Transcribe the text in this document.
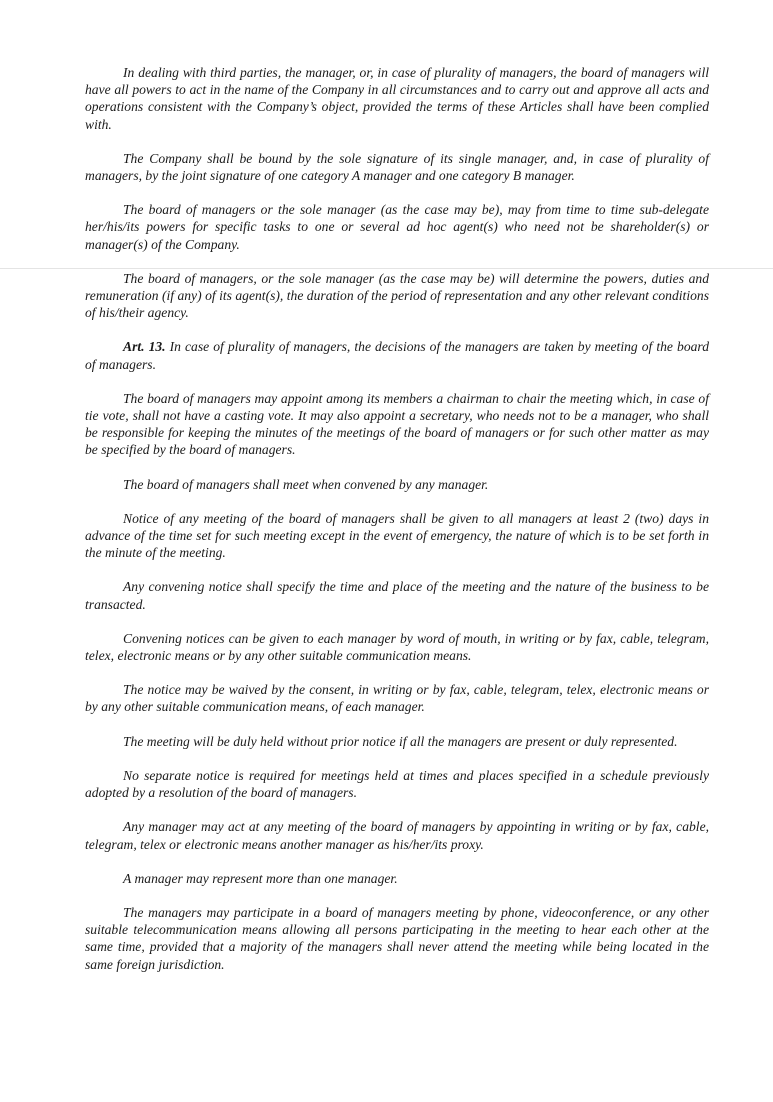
In dealing with third parties, the manager, or, in case of plurality of managers, the board of managers will have all powers to act in the name of the Company in all circumstances and to carry out and approve all acts and operations consistent with the Company’s object, provided the terms of these Articles shall have been complied with.

The Company shall be bound by the sole signature of its single manager, and, in case of plurality of managers, by the joint signature of one category A manager and one category B manager.

The board of managers or the sole manager (as the case may be), may from time to time sub-delegate her/his/its powers for specific tasks to one or several ad hoc agent(s) who need not be shareholder(s) or manager(s) of the Company.

The board of managers, or the sole manager (as the case may be) will determine the powers, duties and remuneration (if any) of its agent(s), the duration of the period of representation and any other relevant conditions of his/their agency.

Art. 13. In case of plurality of managers, the decisions of the managers are taken by meeting of the board of managers.

The board of managers may appoint among its members a chairman to chair the meeting which, in case of tie vote, shall not have a casting vote. It may also appoint a secretary, who needs not to be a manager, who shall be responsible for keeping the minutes of the meetings of the board of managers or for such other matter as may be specified by the board of managers.

The board of managers shall meet when convened by any manager.

Notice of any meeting of the board of managers shall be given to all managers at least 2 (two) days in advance of the time set for such meeting except in the event of emergency, the nature of which is to be set forth in the minute of the meeting.

Any convening notice shall specify the time and place of the meeting and the nature of the business to be transacted.

Convening notices can be given to each manager by word of mouth, in writing or by fax, cable, telegram, telex, electronic means or by any other suitable communication means.

The notice may be waived by the consent, in writing or by fax, cable, telegram, telex, electronic means or by any other suitable communication means, of each manager.

The meeting will be duly held without prior notice if all the managers are present or duly represented.

No separate notice is required for meetings held at times and places specified in a schedule previously adopted by a resolution of the board of managers.

Any manager may act at any meeting of the board of managers by appointing in writing or by fax, cable, telegram, telex or electronic means another manager as his/her/its proxy.

A manager may represent more than one manager.

The managers may participate in a board of managers meeting by phone, videoconference, or any other suitable telecommunication means allowing all persons participating in the meeting to hear each other at the same time, provided that a majority of the managers shall never attend the meeting while being located in the same foreign jurisdiction.
